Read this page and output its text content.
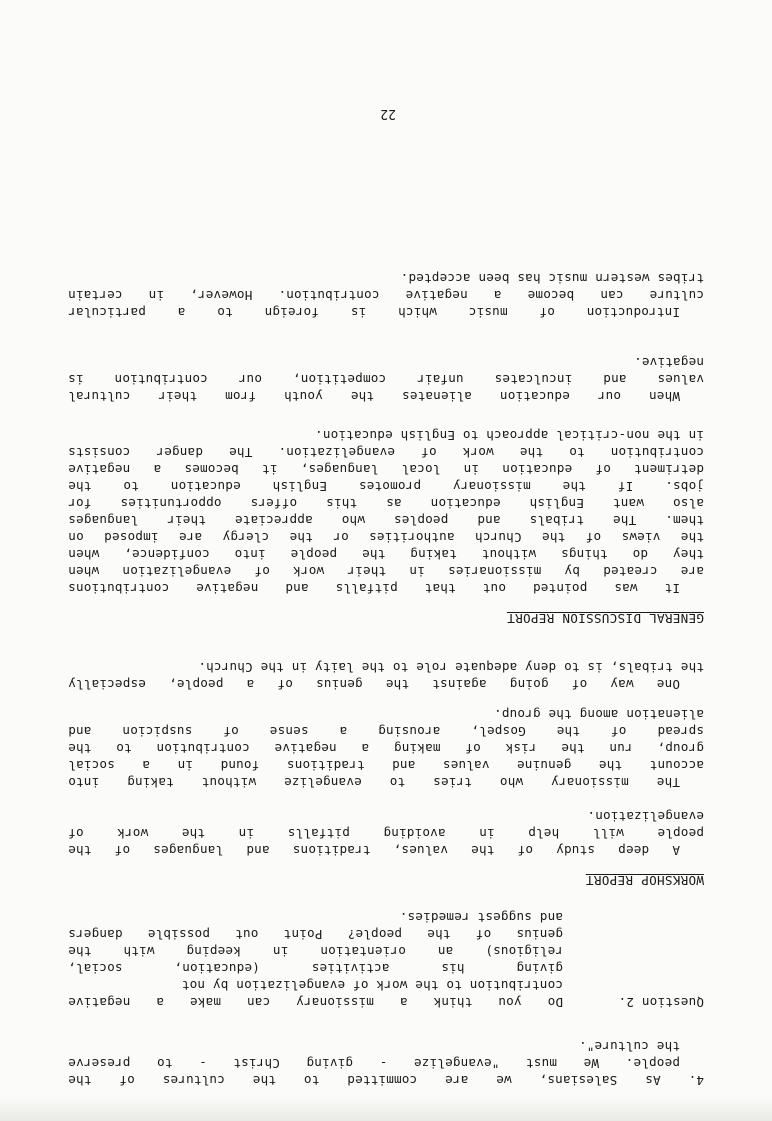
4.
As
Salesians,
we
are
committed
to
the
cultures
of
the
people.
We
must
"evangelize
-
giving
Christ
-
to
preserve
the culture".
Question 2.
Do
you
think
a
missionary
can
make
a
negative
contribution to the work of evangelization by not
giving
his
activities
(education,
social,
religious)
an
orientation
in
keeping
with
the
genius
of
the
people?
Point
out
possible
dangers
and suggest remedies.
WORKSHOP REPORT
A
deep
study
of
the
values,
traditions
and
languages
of
the
people
will
help
in
avoiding
pitfalls
in
the
work
of
evangelization.
The
missionary
who
tries
to
evangelize
without
taking
into
account
the
genuine
values
and
traditions
found
in
a
social
group,
run
the
risk
of
making
a
negative
contribution
to
the
spread
of
the
Gospel,
arousing
a
sense
of
suspicion
and
alienation among the group.
One
way
of
going
against
the
genius
of
a
people,
especially
the tribals, is to deny adequate role to the laity in the Church.
GENERAL DISCUSSION REPORT
It
was
pointed
out
that
pitfalls
and
negative
contributions
are
created
by
missionaries
in
their
work
of
evangelization
when
they
do
things
without
taking
the
people
into
confidence,
when
the
views
of
the
Church
authorities
or
the
clergy
are
imposed
on
them.
The
tribals
and
peoples
who
appreciate
their
languages
also
want
English
education
as
this
offers
opportunities
for
jobs.
If
the
missionary
promotes
English
education
to
the
detriment
of
education
in
local
languages,
it
becomes
a
negative
contribution
to
the
work
of
evangelization.
The
danger
consists
in the non-critical approach to English education.
When
our
education
alienates
the
youth
from
their
cultural
values
and
inculcates
unfair
competition,
our
contribution
is
negative.
Introduction
of
music
which
is
foreign
to
a
particular
culture
can
become
a
negative
contribution.
However,
in
certain
tribes western music has been accepted.
22
